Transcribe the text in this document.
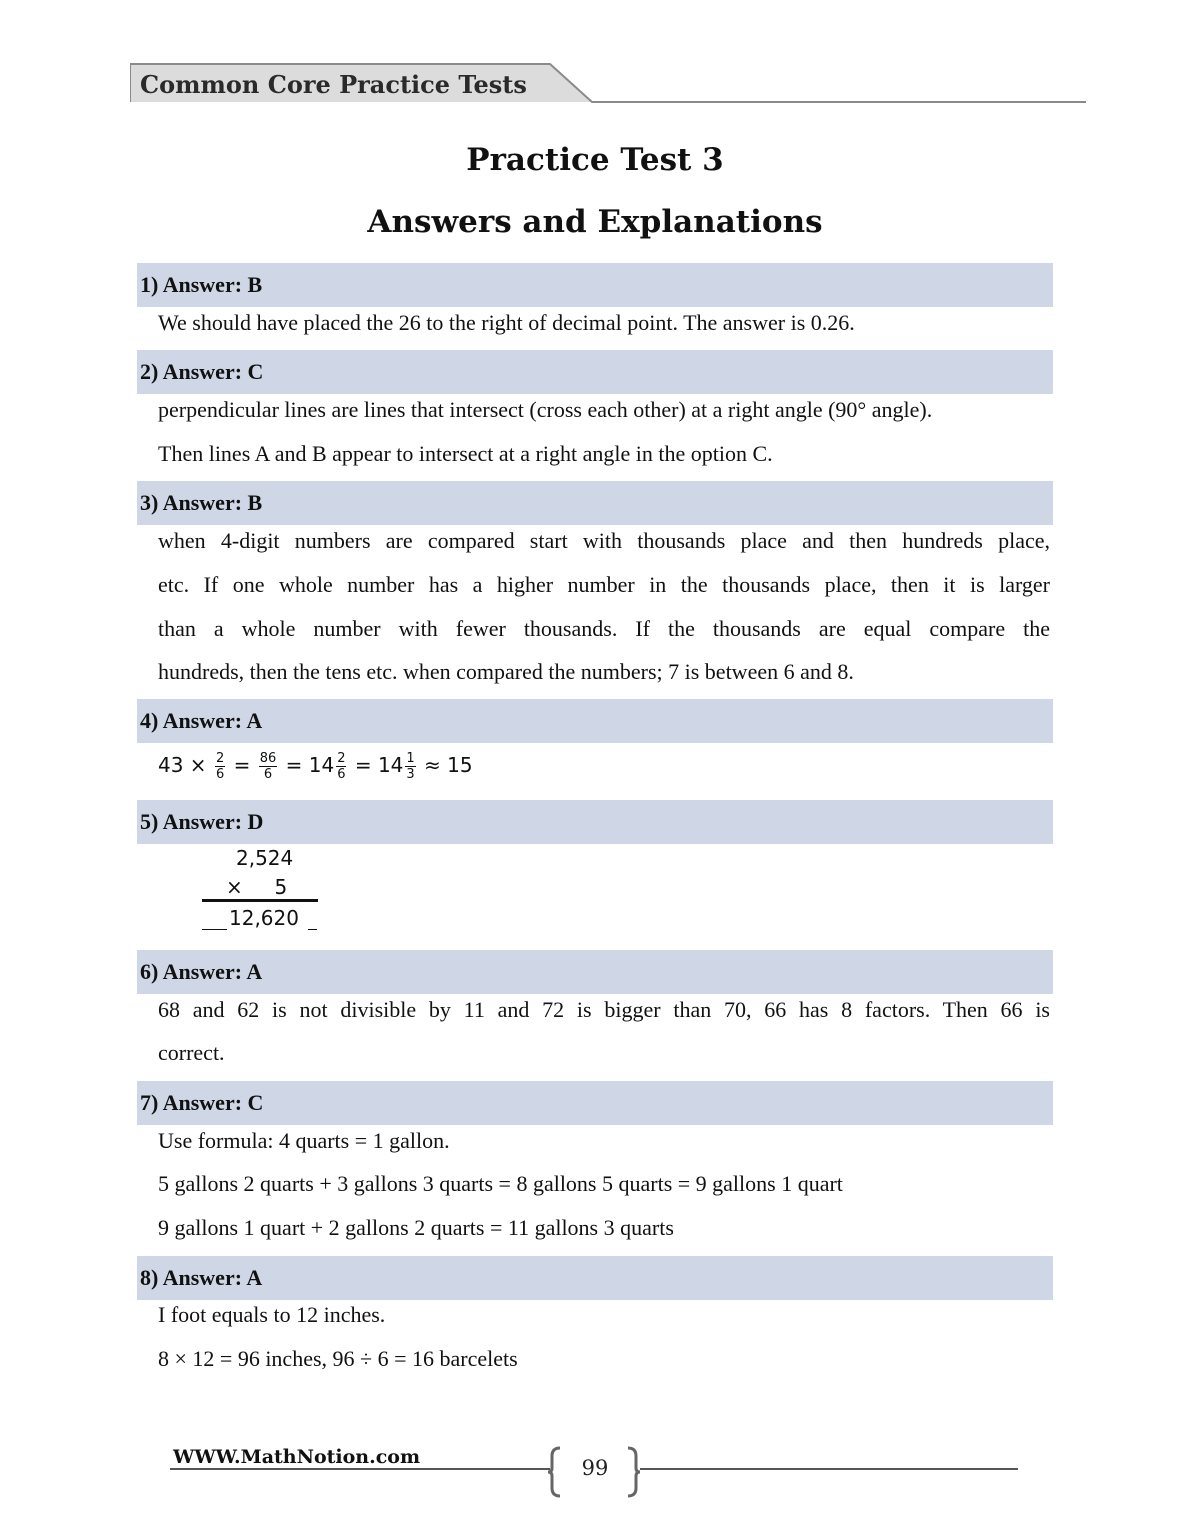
Common Core Practice Tests
Practice Test 3
Answers and Explanations
1) Answer: B
We should have placed the 26 to the right of decimal point. The answer is 0.26.
2) Answer: C
perpendicular lines are lines that intersect (cross each other) at a right angle (90° angle).
Then lines A and B appear to intersect at a right angle in the option C.
3) Answer: B
when 4-digit numbers are compared start with thousands place and then hundreds place,
etc. If one whole number has a higher number in the thousands place, then it is larger
than a whole number with fewer thousands. If the thousands are equal compare the
hundreds, then the tens etc. when compared the numbers; 7 is between 6 and 8.
4) Answer: A
$43 \times \frac{2}{6} = \frac{86}{6} = 14 \frac{2}{6} = 14 \frac{1}{3} \approx 15$
5) Answer: D
2,524
×     5
12,620
6) Answer: A
68 and 62 is not divisible by 11 and 72 is bigger than 70, 66 has 8 factors. Then 66 is
correct.
7) Answer: C
Use formula: 4 quarts = 1 gallon.
5 gallons 2 quarts + 3 gallons 3 quarts = 8 gallons 5 quarts = 9 gallons 1 quart
9 gallons 1 quart + 2 gallons 2 quarts = 11 gallons 3 quarts
8) Answer: A
I foot equals to 12 inches.
8 × 12 = 96 inches, 96 ÷ 6 = 16 barcelets
WWW.MathNotion.com	99
